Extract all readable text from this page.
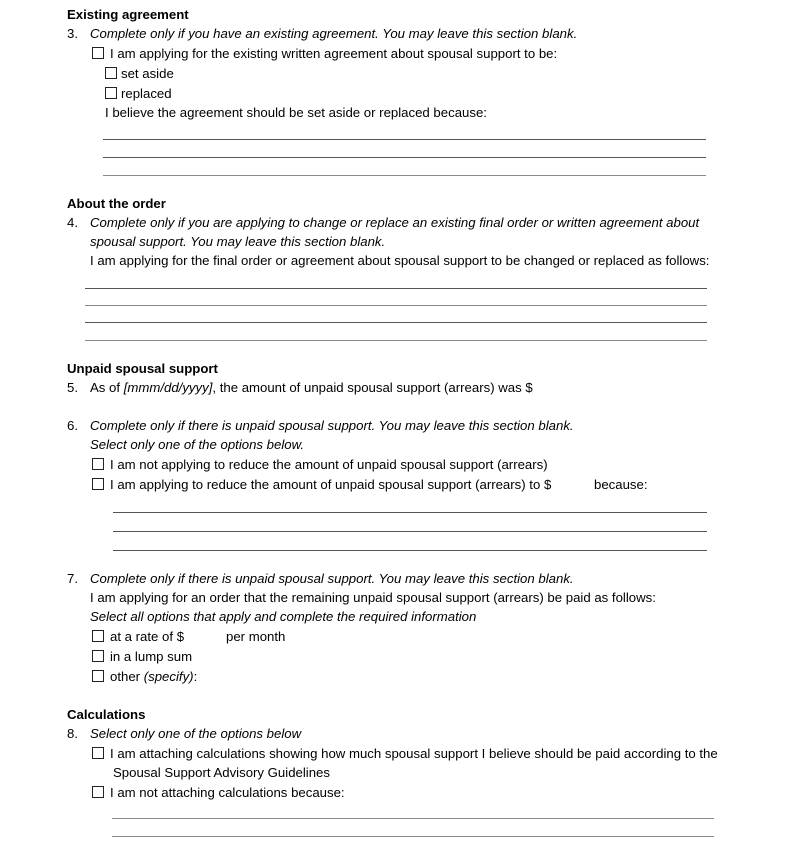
Existing agreement
3. Complete only if you have an existing agreement. You may leave this section blank.
I am applying for the existing written agreement about spousal support to be:
set aside
replaced
I believe the agreement should be set aside or replaced because:
About the order
4. Complete only if you are applying to change or replace an existing final order or written agreement about
spousal support. You may leave this section blank.
I am applying for the final order or agreement about spousal support to be changed or replaced as follows:
Unpaid spousal support
5. As of [mmm/dd/yyyy], the amount of unpaid spousal support (arrears) was $
6. Complete only if there is unpaid spousal support. You may leave this section blank.
Select only one of the options below.
I am not applying to reduce the amount of unpaid spousal support (arrears)
I am applying to reduce the amount of unpaid spousal support (arrears) to $	because:
7. Complete only if there is unpaid spousal support. You may leave this section blank.
I am applying for an order that the remaining unpaid spousal support (arrears) be paid as follows:
Select all options that apply and complete the required information
at a rate of $	per month
in a lump sum
other (specify):
Calculations
8. Select only one of the options below
I am attaching calculations showing how much spousal support I believe should be paid according to the
Spousal Support Advisory Guidelines
I am not attaching calculations because:
